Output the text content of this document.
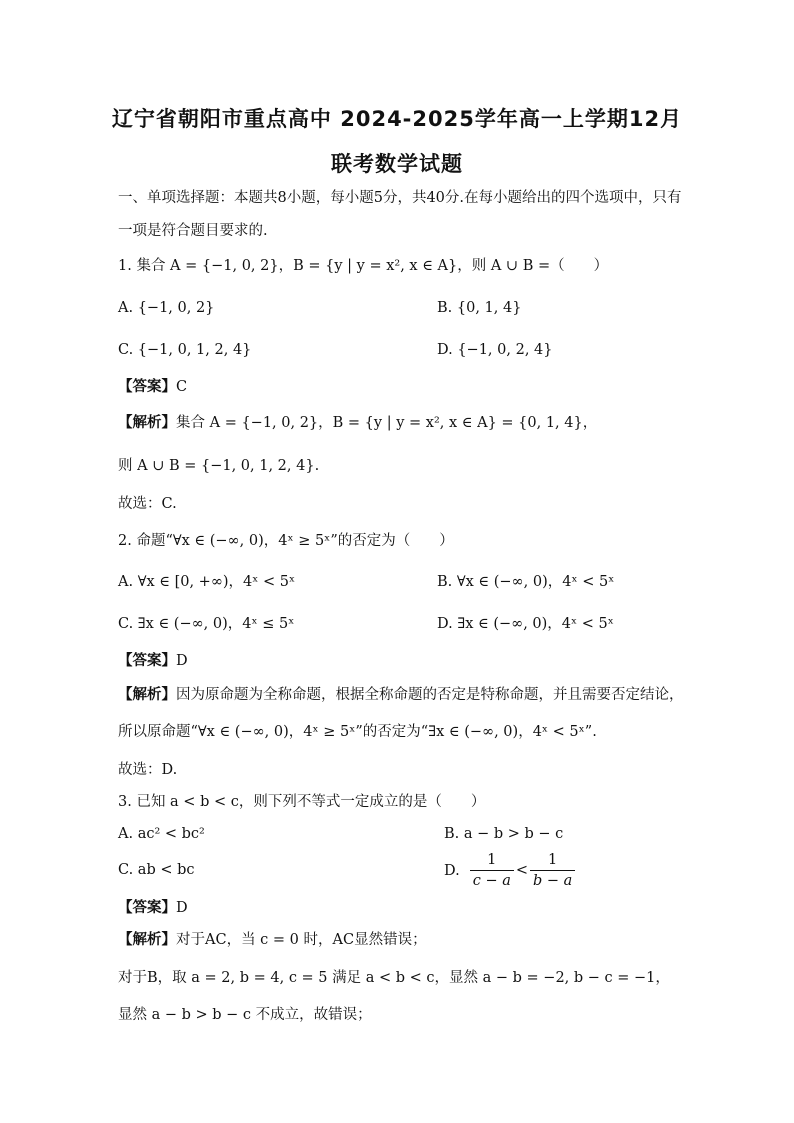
辽宁省朝阳市重点高中 2024-2025学年高一上学期12月
联考数学试题
一、单项选择题：本题共8小题，每小题5分，共40分.在每小题给出的四个选项中，只有
一项是符合题目要求的.
1. 集合 A = {−1, 0, 2}，B = {y | y = x², x ∈ A}，则 A ∪ B =（　　）
A. {−1, 0, 2}	B. {0, 1, 4}
C. {−1, 0, 1, 2, 4}	D. {−1, 0, 2, 4}
【答案】C
【解析】集合 A = {−1, 0, 2}，B = {y | y = x², x ∈ A} = {0, 1, 4}，
则 A ∪ B = {−1, 0, 1, 2, 4}.
故选：C.
2. 命题“∀x ∈ (−∞, 0)，4ˣ ≥ 5ˣ”的否定为（　　）
A. ∀x ∈ [0, +∞)，4ˣ < 5ˣ	B. ∀x ∈ (−∞, 0)，4ˣ < 5ˣ
C. ∃x ∈ (−∞, 0)，4ˣ ≤ 5ˣ	D. ∃x ∈ (−∞, 0)，4ˣ < 5ˣ
【答案】D
【解析】因为原命题为全称命题，根据全称命题的否定是特称命题，并且需要否定结论，
所以原命题“∀x ∈ (−∞, 0)，4ˣ ≥ 5ˣ”的否定为“∃x ∈ (−∞, 0)，4ˣ < 5ˣ”.
故选：D.
3. 已知 a < b < c，则下列不等式一定成立的是（　　）
A. ac² < bc²	B. a − b > b − c
C. ab < bc	D. $\frac{1}{c - a} < \frac{1}{b - a}$
【答案】D
【解析】对于AC，当 c = 0 时，AC显然错误；
对于B，取 a = 2, b = 4, c = 5 满足 a < b < c，显然 a − b = −2, b − c = −1，
显然 a − b > b − c 不成立，故错误；
